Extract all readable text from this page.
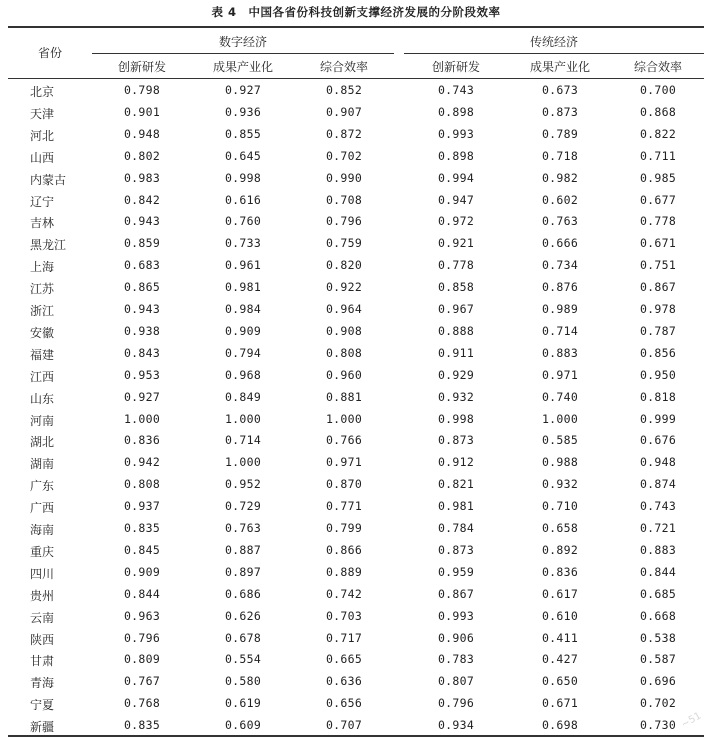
表 4 中国各省份科技创新支撑经济发展的分阶段效率
省份
数字经济	传统经济
创新研发	成果产业化	综合效率	创新研发	成果产业化	综合效率
北京	0.798	0.927	0.852	0.743	0.673	0.700
天津	0.901	0.936	0.907	0.898	0.873	0.868
河北	0.948	0.855	0.872	0.993	0.789	0.822
山西	0.802	0.645	0.702	0.898	0.718	0.711
内蒙古	0.983	0.998	0.990	0.994	0.982	0.985
辽宁	0.842	0.616	0.708	0.947	0.602	0.677
吉林	0.943	0.760	0.796	0.972	0.763	0.778
黑龙江	0.859	0.733	0.759	0.921	0.666	0.671
上海	0.683	0.961	0.820	0.778	0.734	0.751
江苏	0.865	0.981	0.922	0.858	0.876	0.867
浙江	0.943	0.984	0.964	0.967	0.989	0.978
安徽	0.938	0.909	0.908	0.888	0.714	0.787
福建	0.843	0.794	0.808	0.911	0.883	0.856
江西	0.953	0.968	0.960	0.929	0.971	0.950
山东	0.927	0.849	0.881	0.932	0.740	0.818
河南	1.000	1.000	1.000	0.998	1.000	0.999
湖北	0.836	0.714	0.766	0.873	0.585	0.676
湖南	0.942	1.000	0.971	0.912	0.988	0.948
广东	0.808	0.952	0.870	0.821	0.932	0.874
广西	0.937	0.729	0.771	0.981	0.710	0.743
海南	0.835	0.763	0.799	0.784	0.658	0.721
重庆	0.845	0.887	0.866	0.873	0.892	0.883
四川	0.909	0.897	0.889	0.959	0.836	0.844
贵州	0.844	0.686	0.742	0.867	0.617	0.685
云南	0.963	0.626	0.703	0.993	0.610	0.668
陕西	0.796	0.678	0.717	0.906	0.411	0.538
甘肃	0.809	0.554	0.665	0.783	0.427	0.587
青海	0.767	0.580	0.636	0.807	0.650	0.696
宁夏	0.768	0.619	0.656	0.796	0.671	0.702
新疆	0.835	0.609	0.707	0.934	0.698	0.730 ~51
